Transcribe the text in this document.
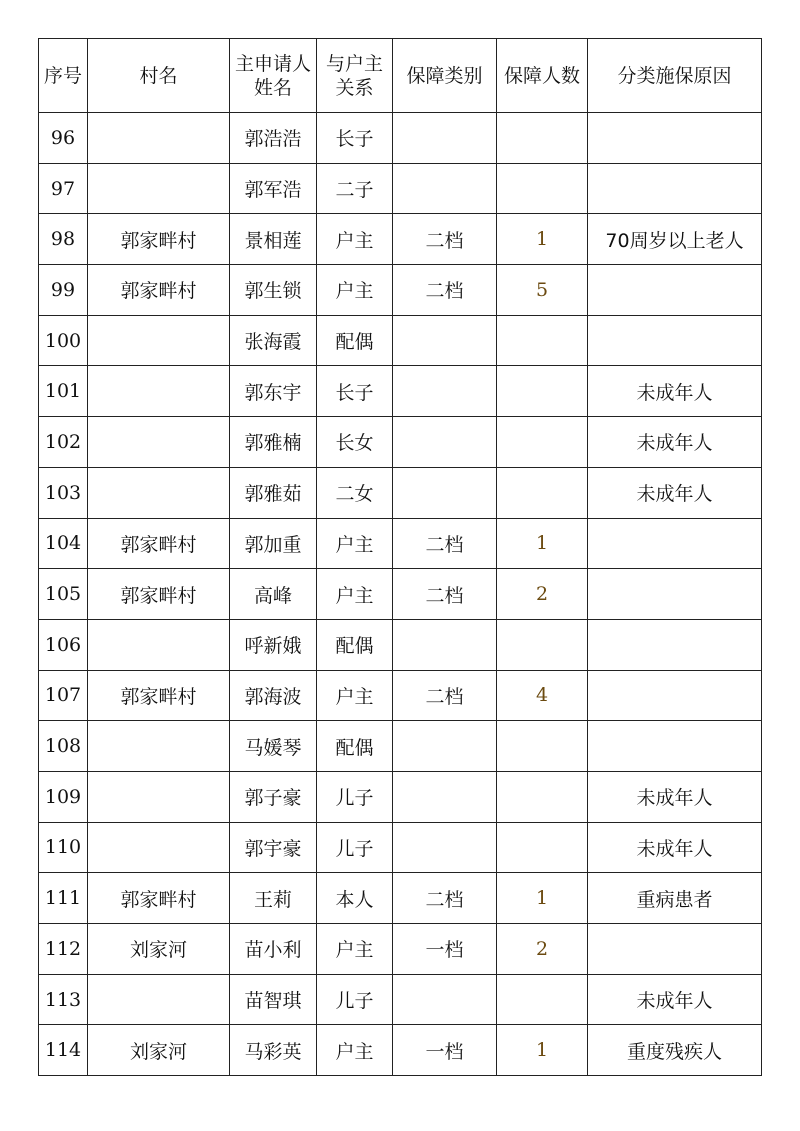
序号	村名	主申请人姓名	与户主关系	保障类别	保障人数	分类施保原因
96		郭浩浩	长子			
97		郭军浩	二子			
98	郭家畔村	景相莲	户主	二档	1	70周岁以上老人
99	郭家畔村	郭生锁	户主	二档	5	
100		张海霞	配偶			
101		郭东宇	长子			未成年人
102		郭雅楠	长女			未成年人
103		郭雅茹	二女			未成年人
104	郭家畔村	郭加重	户主	二档	1	
105	郭家畔村	高峰	户主	二档	2	
106		呼新娥	配偶			
107	郭家畔村	郭海波	户主	二档	4	
108		马媛琴	配偶			
109		郭子豪	儿子			未成年人
110		郭宇豪	儿子			未成年人
111	郭家畔村	王莉	本人	二档	1	重病患者
112	刘家河	苗小利	户主	一档	2	
113		苗智琪	儿子			未成年人
114	刘家河	马彩英	户主	一档	1	重度残疾人
